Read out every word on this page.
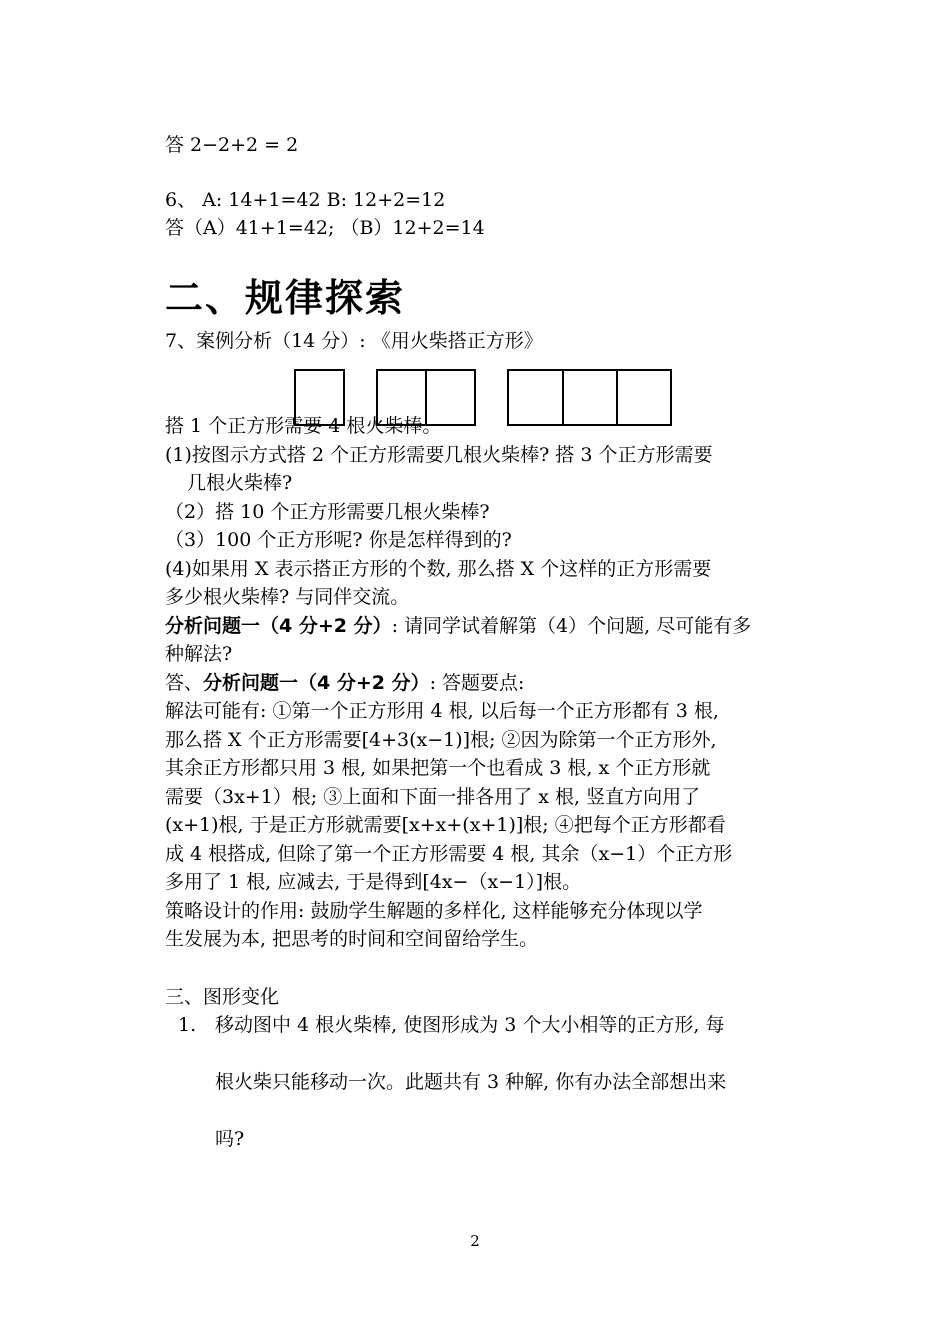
答 2−2+2 = 2
6、 A: 14+1=42 B: 12+2=12
答（A）41+1=42; （B）12+2=14
二、规律探索
7、案例分析（14 分）: 《用火柴搭正方形》
搭 1 个正方形需要 4 根火柴棒。
(1)按图示方式搭 2 个正方形需要几根火柴棒? 搭 3 个正方形需要
几根火柴棒?
（2）搭 10 个正方形需要几根火柴棒?
（3）100 个正方形呢? 你是怎样得到的?
(4)如果用 X 表示搭正方形的个数, 那么搭 X 个这样的正方形需要
多少根火柴棒? 与同伴交流。
分析问题一（4 分+2 分）: 请同学试着解第（4）个问题, 尽可能有多
种解法?
答、分析问题一（4 分+2 分）: 答题要点:
解法可能有: ①第一个正方形用 4 根, 以后每一个正方形都有 3 根,
那么搭 X 个正方形需要[4+3(x−1)]根; ②因为除第一个正方形外,
其余正方形都只用 3 根, 如果把第一个也看成 3 根, x 个正方形就
需要（3x+1）根; ③上面和下面一排各用了 x 根, 竖直方向用了
(x+1)根, 于是正方形就需要[x+x+(x+1)]根; ④把每个正方形都看
成 4 根搭成, 但除了第一个正方形需要 4 根, 其余（x−1）个正方形
多用了 1 根, 应减去, 于是得到[4x−（x−1）]根。
策略设计的作用: 鼓励学生解题的多样化, 这样能够充分体现以学
生发展为本, 把思考的时间和空间留给学生。
三、图形变化
1. 移动图中 4 根火柴棒, 使图形成为 3 个大小相等的正方形, 每
根火柴只能移动一次。此题共有 3 种解, 你有办法全部想出来
吗?
2
